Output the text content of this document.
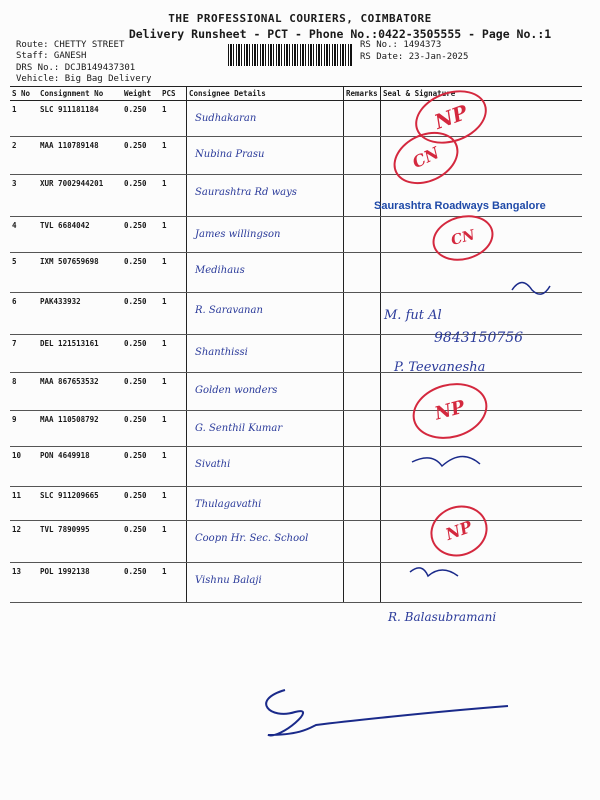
THE PROFESSIONAL COURIERS, COIMBATORE
Delivery Runsheet - PCT - Phone No.:0422-3505555 - Page No.:1
Route: CHETTY STREET
Staff: GANESH
DRS No.: DCJB149437301
Vehicle: Big Bag Delivery
RS No.: 1494373
RS Date: 23-Jan-2025
S No	Consignment No	Weight	PCS	Consignee Details	Remarks	Seal & Signature
1	SLC 911181184	0.250	1	Sudhakaran		

2	MAA 110789148	0.250	1	Nubina Prasu		

3	XUR 7002944201	0.250	1	Saurashtra Rd ways		

4	TVL 6684042	0.250	1	James willingson		

5	IXM 507659698	0.250	1	Medihaus		

6	PAK433932	0.250	1	R. Saravanan		

7	DEL 121513161	0.250	1	Shanthissi		

8	MAA 867653532	0.250	1	Golden wonders		

9	MAA 110508792	0.250	1	G. Senthil Kumar		

10	PON 4649918	0.250	1	Sivathi		

11	SLC 911209665	0.250	1	Thulagavathi		

12	TVL 7890995	0.250	1	Coopn Hr. Sec. School		

13	POL 1992138	0.250	1	Vishnu Balaji		

NP
CN
Saurashtra Roadways Bangalore
CN
M. fut Al
9843150756
P. Teevanesha
NP
NP
R. Balasubramani
